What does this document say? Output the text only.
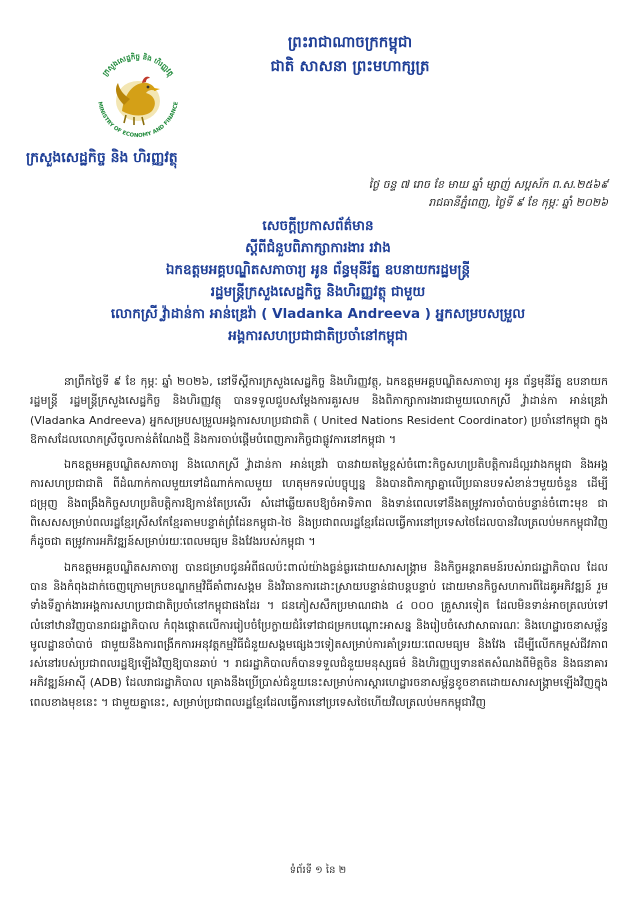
ព្រះរាជាណាចក្រកម្ពុជា
ជាតិ សាសនា ព្រះមហាក្សត្រ
ក្រសួងសេដ្ឋកិច្ច និង ហិរញ្ញវត្ថុ
MINISTRY OF ECONOMY AND FINANCE
ក្រសួងសេដ្ឋកិច្ច និង ហិរញ្ញវត្ថុ
ថ្ងៃ ចន្ទ ៧ រោច ខែ មាឃ ឆ្នាំ ម្សាញ់ សប្តស័ក ព.ស.២៥៦៩
រាជធានីភ្នំពេញ, ថ្ងៃទី ៩ ខែ កុម្ភៈ ឆ្នាំ ២០២៦
សេចក្តីប្រកាសព័ត៌មាន
ស្តីពីជំនួបពិភាក្សាការងារ រវាង
ឯកឧត្តមអគ្គបណ្ឌិតសភាចារ្យ អូន ព័ន្ធមុនីរ័ត្ន ឧបនាយករដ្ឋមន្ត្រី
រដ្ឋមន្ត្រីក្រសួងសេដ្ឋកិច្ច និងហិរញ្ញវត្ថុ ជាមួយ
លោកស្រី វ៉្លាដាន់កា អាន់ឌ្រេវ៉ា ( Vladanka Andreeva ) អ្នកសម្របសម្រួល
អង្គការសហប្រជាជាតិប្រចាំនៅកម្ពុជា

នាព្រឹកថ្ងៃទី ៩ ខែ កុម្ភៈ ឆ្នាំ ២០២៦, នៅទីស្តីការក្រសួងសេដ្ឋកិច្ច និងហិរញ្ញវត្ថុ, ឯកឧត្តមអគ្គបណ្ឌិតសភាចារ្យ អូន ព័ន្ធមុនីរ័ត្ន ឧបនាយករដ្ឋមន្ត្រី រដ្ឋមន្ត្រីក្រសួងសេដ្ឋកិច្ច និងហិរញ្ញវត្ថុ បានទទួលជួបសម្តែងការគួរសម និងពិភាក្សាការងារជាមួយលោកស្រី វ៉្លាដាន់កា អាន់ឌ្រេវ៉ា (Vladanka Andreeva) អ្នកសម្របសម្រួលអង្គការសហប្រជាជាតិ ( United Nations Resident Coordinator) ប្រចាំនៅកម្ពុជា ក្នុងឱកាសដែលលោកស្រីចូលកាន់តំណែងថ្មី និងការចាប់ផ្តើមបំពេញភារកិច្ចជាផ្លូវការនៅកម្ពុជា ។

ឯកឧត្តមអគ្គបណ្ឌិតសភាចារ្យ និងលោកស្រី វ៉្លាដាន់កា អាន់ឌ្រេវ៉ា បានវាយតម្លៃខ្ពស់ចំពោះកិច្ចសហប្រតិបត្តិការដ៏ល្អរវាងកម្ពុជា និងអង្គការសហប្រជាជាតិ ពីដំណាក់កាលមួយទៅដំណាក់កាលមួយ ហេតុមកទល់បច្ចុប្បន្ន និងបានពិភាក្សាគ្នាលើប្រធានបទសំខាន់ៗមួយចំនួន ដើម្បីជម្រុញ និងពង្រឹងកិច្ចសហប្រតិបត្តិការឱ្យកាន់តែប្រសើរ សំដៅឆ្លើយតបឱ្យចំអាទិភាព និងទាន់ពេលទៅនឹងតម្រូវការចាំបាច់បន្ទាន់ចំពោះមុខ ជាពិសេសសម្រាប់ពលរដ្ឋខ្មែរស្រីសកែខ្មែរតាមបន្ទាត់ព្រំដែនកម្ពុជា-ថៃ និងប្រជាពលរដ្ឋខ្មែរដែលធ្វើការនៅប្រទេសថៃដែលបានវិលត្រលប់មកកម្ពុជាវិញ ក៏ដូចជា តម្រូវការអភិវឌ្ឍន៍សម្រាប់រយៈពេលមធ្យម និងវែងរបស់កម្ពុជា ។

ឯកឧត្តមអគ្គបណ្ឌិតសភាចារ្យ បានជម្រាបជូនអំពីផលប៉ះពាល់យ៉ាងធ្ងន់ធ្ងរដោយសារសង្គ្រាម និងកិច្ចអន្តរាគមន៍របស់រាជរដ្ឋាភិបាល ដែលបាន និងកំពុងដាក់ចេញក្រោមក្របខណ្ឌកម្មវិធីគាំពារសង្គម និងវិធានការដោះស្រាយបន្ទាន់ជាបន្តបន្ទាប់ ដោយមានកិច្ចសហការពីដៃគូអភិវឌ្ឍន៍ រួមទាំងទីភ្នាក់ងារអង្គការសហប្រជាជាតិប្រចាំនៅកម្ពុជាផងដែរ ។ ជនភៀសសឹកប្រមាណជាង ៤ ០០០ គ្រួសារទៀត ដែលមិនទាន់អាចត្រលប់ទៅលំនៅឋានវិញបានរាជរដ្ឋាភិបាល កំពុងផ្តោតលើការរៀបចំប្រែក្លាយជំរំទៅជាជម្រកបណ្តោះអាសន្ន និងរៀបចំសេវាសាធារណៈ និងហេដ្ឋារចនាសម្ព័ន្ធមូលដ្ឋានចាំបាច់ ជាមួយនឹងការពង្រីកការអនុវត្តកម្មវិធីជំនួយសង្គមផ្សេងៗទៀតសម្រាប់ការគាំទ្ររយៈពេលមធ្យម និងវែង ដើម្បីលើកកម្ពស់ជីវភាពរស់នៅរបស់ប្រជាពលរដ្ឋឱ្យឡើងវិញឱ្យបានឆាប់ ។ រាជរដ្ឋាភិបាលក៏បានទទួលជំនួយមនុស្សធម៌ និងហិរញ្ញប្បទានឥតសំណងពីមិត្តចិន និងធនាគារអភិវឌ្ឍន៍អាស៊ី (ADB) ដែលរាជរដ្ឋាភិបាល គ្រោងនឹងប្រើប្រាស់ជំនួយនេះសម្រាប់ការស្តារហេដ្ឋារចនាសម្ព័ន្ធខូចខាតដោយសារសង្គ្រាមឡើងវិញក្នុងពេលខាងមុខនេះ ។ ជាមួយគ្នានេះ, សម្រាប់ប្រជាពលរដ្ឋខ្មែរដែលធ្វើការនៅប្រទេសថៃហើយវិលត្រលប់មកកម្ពុជាវិញ

ទំព័រទី ១ នៃ ២
